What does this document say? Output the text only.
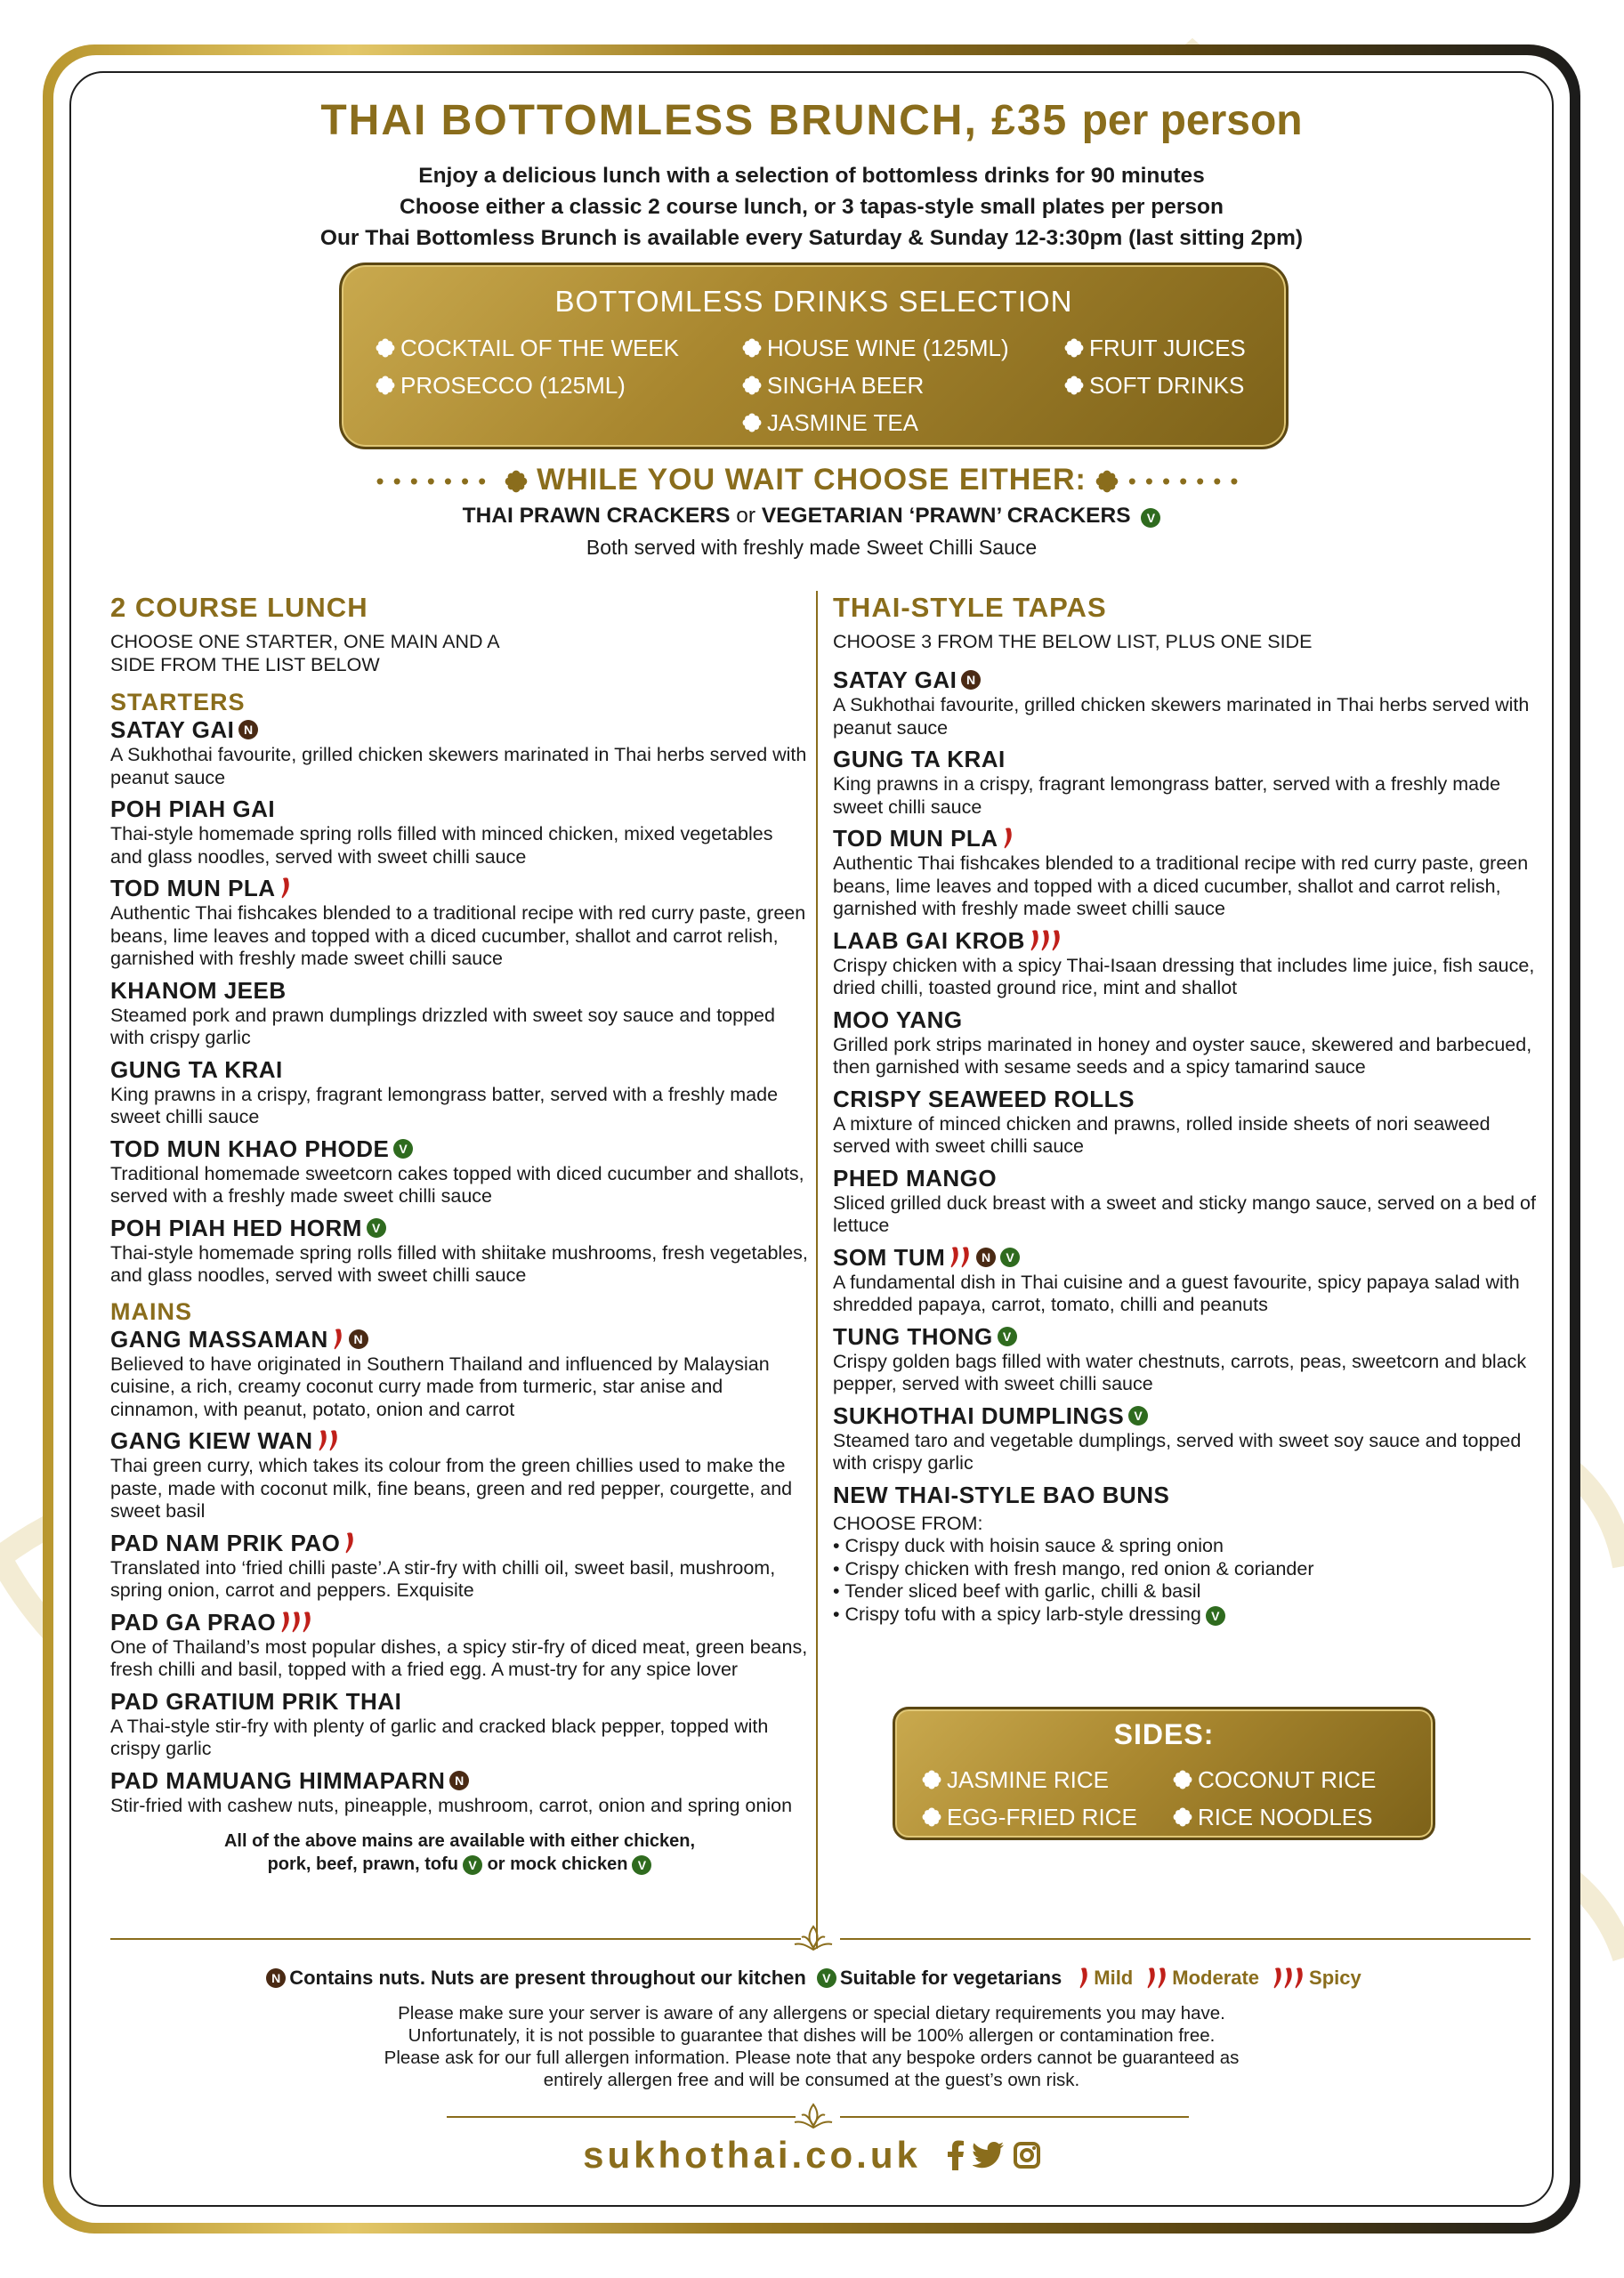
THAI BOTTOMLESS BRUNCH, £35 per person
Enjoy a delicious lunch with a selection of bottomless drinks for 90 minutes
Choose either a classic 2 course lunch, or 3 tapas-style small plates per person
Our Thai Bottomless Brunch is available every Saturday & Sunday 12-3:30pm (last sitting 2pm)
BOTTOMLESS DRINKS SELECTION
COCKTAIL OF THE WEEK
PROSECCO (125ML)
HOUSE WINE (125ML)
SINGHA BEER
JASMINE TEA
FRUIT JUICES
SOFT DRINKS
••••••• WHILE YOU WAIT CHOOSE EITHER: •••••••
THAI PRAWN CRACKERS or VEGETARIAN ‘PRAWN’ CRACKERS V
Both served with freshly made Sweet Chilli Sauce
2 COURSE LUNCH
CHOOSE ONE STARTER, ONE MAIN AND A
SIDE FROM THE LIST BELOW
STARTERS
SATAY GAI N
A Sukhothai favourite, grilled chicken skewers marinated in Thai herbs served with peanut sauce
POH PIAH GAI
Thai-style homemade spring rolls filled with minced chicken, mixed vegetables and glass noodles, served with sweet chilli sauce
TOD MUN PLA
Authentic Thai fishcakes blended to a traditional recipe with red curry paste, green beans, lime leaves and topped with a diced cucumber, shallot and carrot relish, garnished with freshly made sweet chilli sauce
KHANOM JEEB
Steamed pork and prawn dumplings drizzled with sweet soy sauce and topped with crispy garlic
GUNG TA KRAI
King prawns in a crispy, fragrant lemongrass batter, served with a freshly made sweet chilli sauce
TOD MUN KHAO PHODE V
Traditional homemade sweetcorn cakes topped with diced cucumber and shallots, served with a freshly made sweet chilli sauce
POH PIAH HED HORM V
Thai-style homemade spring rolls filled with shiitake mushrooms, fresh vegetables, and glass noodles, served with sweet chilli sauce
MAINS
GANG MASSAMAN	N
Believed to have originated in Southern Thailand and influenced by Malaysian cuisine, a rich, creamy coconut curry made from turmeric, star anise and cinnamon, with peanut, potato, onion and carrot
GANG KIEW WAN
Thai green curry, which takes its colour from the green chillies used to make the paste, made with coconut milk, fine beans, green and red pepper, courgette, and sweet basil
PAD NAM PRIK PAO
Translated into ‘fried chilli paste’.A stir-fry with chilli oil, sweet basil, mushroom, spring onion, carrot and peppers. Exquisite
PAD GA PRAO
One of Thailand’s most popular dishes, a spicy stir-fry of diced meat, green beans, fresh chilli and basil, topped with a fried egg. A must-try for any spice lover
PAD GRATIUM PRIK THAI
A Thai-style stir-fry with plenty of garlic and cracked black pepper, topped with crispy garlic
PAD MAMUANG HIMMAPARN N
Stir-fried with cashew nuts, pineapple, mushroom, carrot, onion and spring onion
All of the above mains are available with either chicken,
pork, beef, prawn, tofu V or mock chicken V
THAI-STYLE TAPAS
CHOOSE 3 FROM THE BELOW LIST, PLUS ONE SIDE
SATAY GAI N
A Sukhothai favourite, grilled chicken skewers marinated in Thai herbs served with peanut sauce
GUNG TA KRAI
King prawns in a crispy, fragrant lemongrass batter, served with a freshly made sweet chilli sauce
TOD MUN PLA
Authentic Thai fishcakes blended to a traditional recipe with red curry paste, green beans, lime leaves and topped with a diced cucumber, shallot and carrot relish, garnished with freshly made sweet chilli sauce
LAAB GAI KROB
Crispy chicken with a spicy Thai-Isaan dressing that includes lime juice, fish sauce, dried chilli, toasted ground rice, mint and shallot
MOO YANG
Grilled pork strips marinated in honey and oyster sauce, skewered and barbecued, then garnished with sesame seeds and a spicy tamarind sauce
CRISPY SEAWEED ROLLS
A mixture of minced chicken and prawns, rolled inside sheets of nori seaweed served with sweet chilli sauce
PHED MANGO
Sliced grilled duck breast with a sweet and sticky mango sauce, served on a bed of lettuce
SOM TUM	N	V
A fundamental dish in Thai cuisine and a guest favourite, spicy papaya salad with shredded papaya, carrot, tomato, chilli and peanuts
TUNG THONG V
Crispy golden bags filled with water chestnuts, carrots, peas, sweetcorn and black pepper, served with sweet chilli sauce
SUKHOTHAI DUMPLINGS V
Steamed taro and vegetable dumplings, served with sweet soy sauce and topped with crispy garlic
NEW THAI-STYLE BAO BUNS
CHOOSE FROM:
• Crispy duck with hoisin sauce & spring onion
• Crispy chicken with fresh mango, red onion & coriander
• Tender sliced beef with garlic, chilli & basil
• Crispy tofu with a spicy larb-style dressing V
SIDES:
JASMINE RICE
EGG-FRIED RICE
COCONUT RICE
RICE NOODLES
N Contains nuts. Nuts are present throughout our kitchen	V Suitable for vegetarians Mild Moderate	Spicy
Please make sure your server is aware of any allergens or special dietary requirements you may have.
Unfortunately, it is not possible to guarantee that dishes will be 100% allergen or contamination free.
Please ask for our full allergen information. Please note that any bespoke orders cannot be guaranteed as
entirely allergen free and will be consumed at the guest’s own risk.
sukhothai.co.uk
